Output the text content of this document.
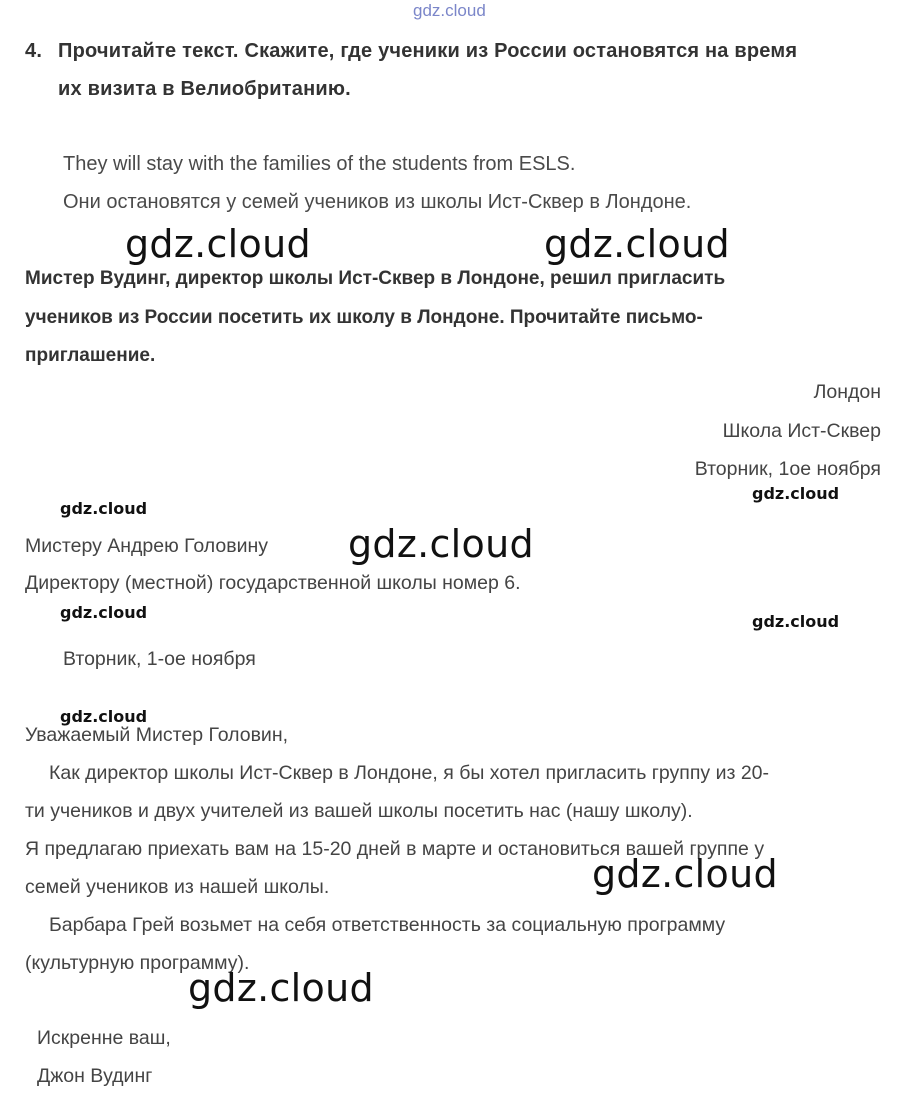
gdz.cloud
4. Прочитайте текст. Скажите, где ученики из России остановятся на время
их визита в Велиобританию.
They will stay with the families of the students from ESLS.
Они остановятся у семей учеников из школы Ист-Сквер в Лондоне.
gdz.cloud	gdz.cloud
Мистер Вудинг, директор школы Ист-Сквер в Лондоне, решил пригласить
учеников из России посетить их школу в Лондоне. Прочитайте письмо-
приглашение.
Лондон
Школа Ист-Сквер
Вторник, 1ое ноября
gdz.cloud
gdz.cloud
Мистеру Андрею Головину gdz.cloud
Директору (местной) государственной школы номер 6.
gdz.cloud	gdz.cloud
Вторник, 1-ое ноября
gdz.cloud
Уважаемый Мистер Головин,
Как директор школы Ист-Сквер в Лондоне, я бы хотел пригласить группу из 20-
ти учеников и двух учителей из вашей школы посетить нас (нашу школу).
Я предлагаю приехать вам на 15-20 дней в марте и остановиться вашей группе у
семей учеников из нашей школы.	gdz.cloud
Барбара Грей возьмет на себя ответственность за социальную программу
(культурную программу).
gdz.cloud
Искренне ваш,
Джон Вудинг
